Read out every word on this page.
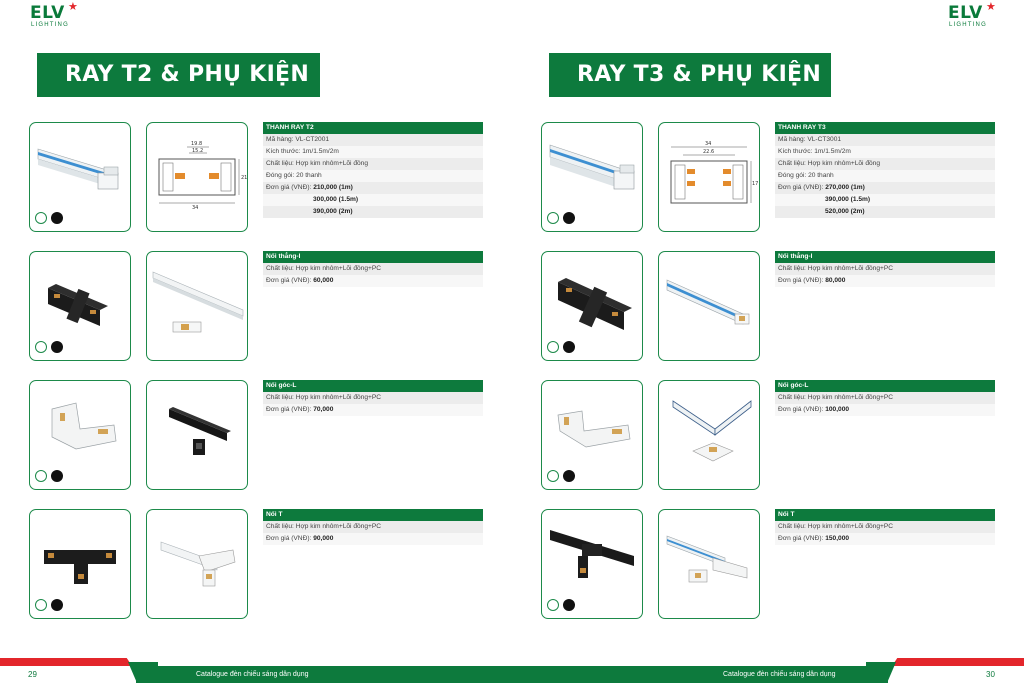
ELV ★
LIGHTING
ELV ★
LIGHTING
RAY T2 & PHỤ KIỆN	RAY T3 & PHỤ KIỆN
19.8
15.2
34
21
THANH RAY T2
Mã hàng: VL-CT2001
Kích thước: 1m/1.5m/2m
Chất liệu: Hợp kim nhôm+Lõi đồng
Đóng gói: 20 thanh
Đơn giá (VNĐ): 210,000 (1m)
300,000 (1.5m)
390,000 (2m)
Nối thẳng-I
Chất liệu: Hợp kim nhôm+Lõi đồng+PC
Đơn giá (VNĐ): 60,000
Nối góc-L
Chất liệu: Hợp kim nhôm+Lõi đồng+PC
Đơn giá (VNĐ): 70,000
Nối T
Chất liệu: Hợp kim nhôm+Lõi đồng+PC
Đơn giá (VNĐ): 90,000
34
22.6
17
THANH RAY T3
Mã hàng: VL-CT3001
Kích thước: 1m/1.5m/2m
Chất liệu: Hợp kim nhôm+Lõi đồng
Đóng gói: 20 thanh
Đơn giá (VNĐ): 270,000 (1m)
390,000 (1.5m)
520,000 (2m)
Nối thẳng-I
Chất liệu: Hợp kim nhôm+Lõi đồng+PC
Đơn giá (VNĐ): 80,000
Nối góc-L
Chất liệu: Hợp kim nhôm+Lõi đồng+PC
Đơn giá (VNĐ): 100,000
Nối T
Chất liệu: Hợp kim nhôm+Lõi đồng+PC
Đơn giá (VNĐ): 150,000
29	Catalogue đèn chiếu sáng dân dụng	Catalogue đèn chiếu sáng dân dụng	30
